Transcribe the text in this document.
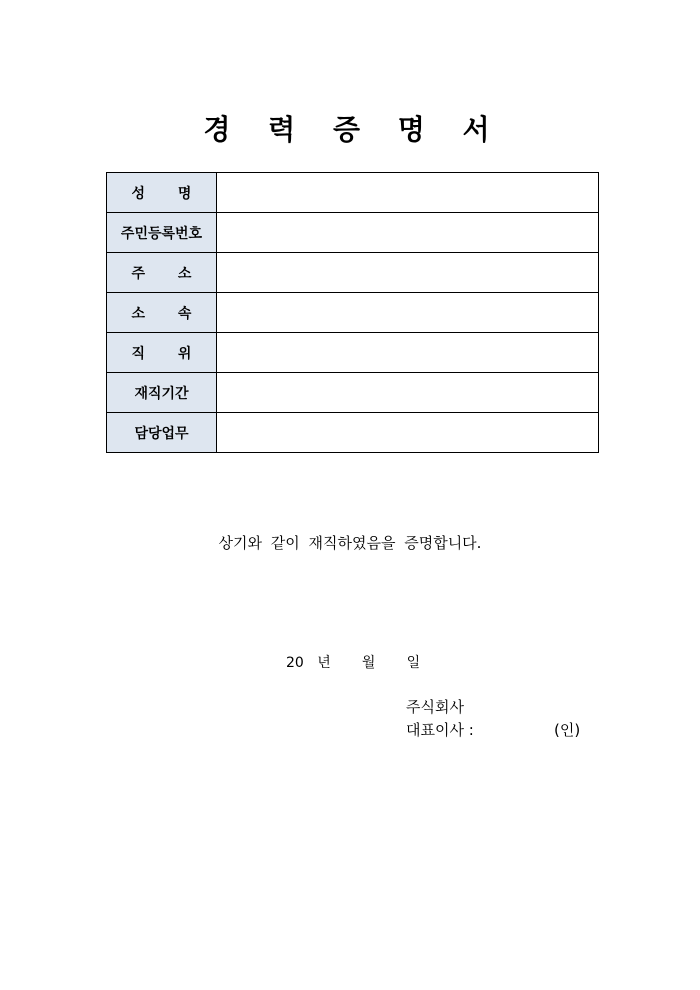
경 력 증 명 서
성 명	
주민등록번호	
주 소	
소 속	
직 위	
재직기간	
담당업무	
상기와 같이 재직하였음을 증명합니다.
20 년 월 일
주식회사
대표이사 :	(인)
